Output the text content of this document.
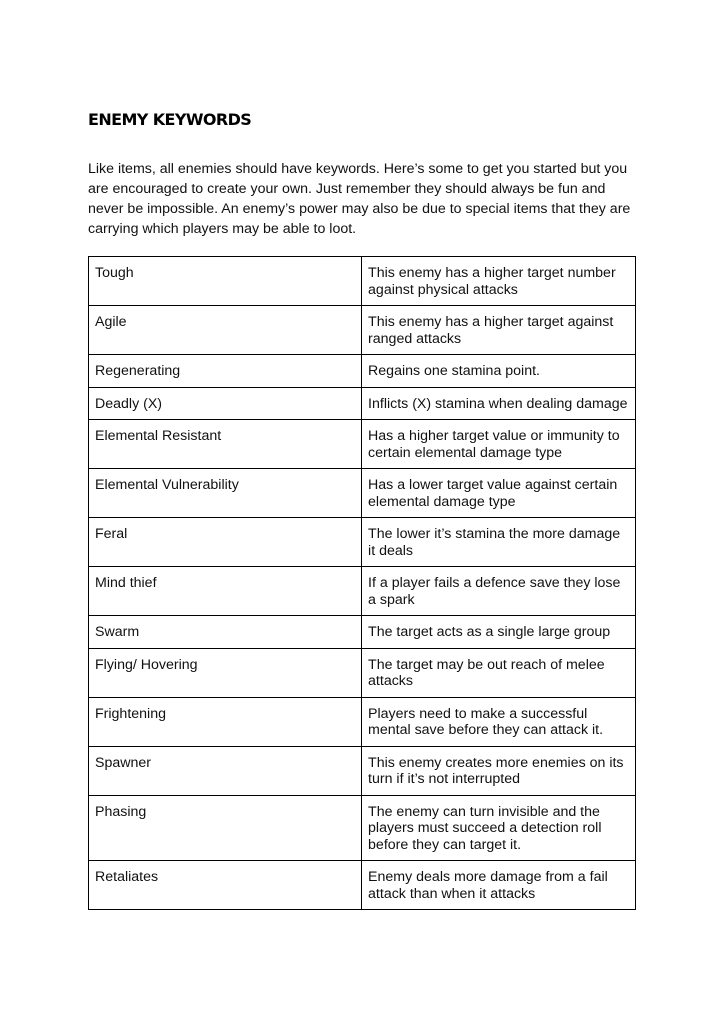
ENEMY KEYWORDS

Like items, all enemies should have keywords. Here’s some to get you started but you are encouraged to create your own. Just remember they should always be fun and never be impossible. An enemy’s power may also be due to special items that they are carrying which players may be able to loot.

Tough	This enemy has a higher target number against physical attacks
Agile	This enemy has a higher target against ranged attacks
Regenerating	Regains one stamina point.
Deadly (X)	Inflicts (X) stamina when dealing damage
Elemental Resistant	Has a higher target value or immunity to certain elemental damage type
Elemental Vulnerability	Has a lower target value against certain elemental damage type
Feral	The lower it’s stamina the more damage it deals
Mind thief	If a player fails a defence save they lose a spark
Swarm	The target acts as a single large group
Flying/ Hovering	The target may be out reach of melee attacks
Frightening	Players need to make a successful mental save before they can attack it.
Spawner	This enemy creates more enemies on its turn if it’s not interrupted
Phasing	The enemy can turn invisible and the players must succeed a detection roll before they can target it.
Retaliates	Enemy deals more damage from a fail attack than when it attacks
